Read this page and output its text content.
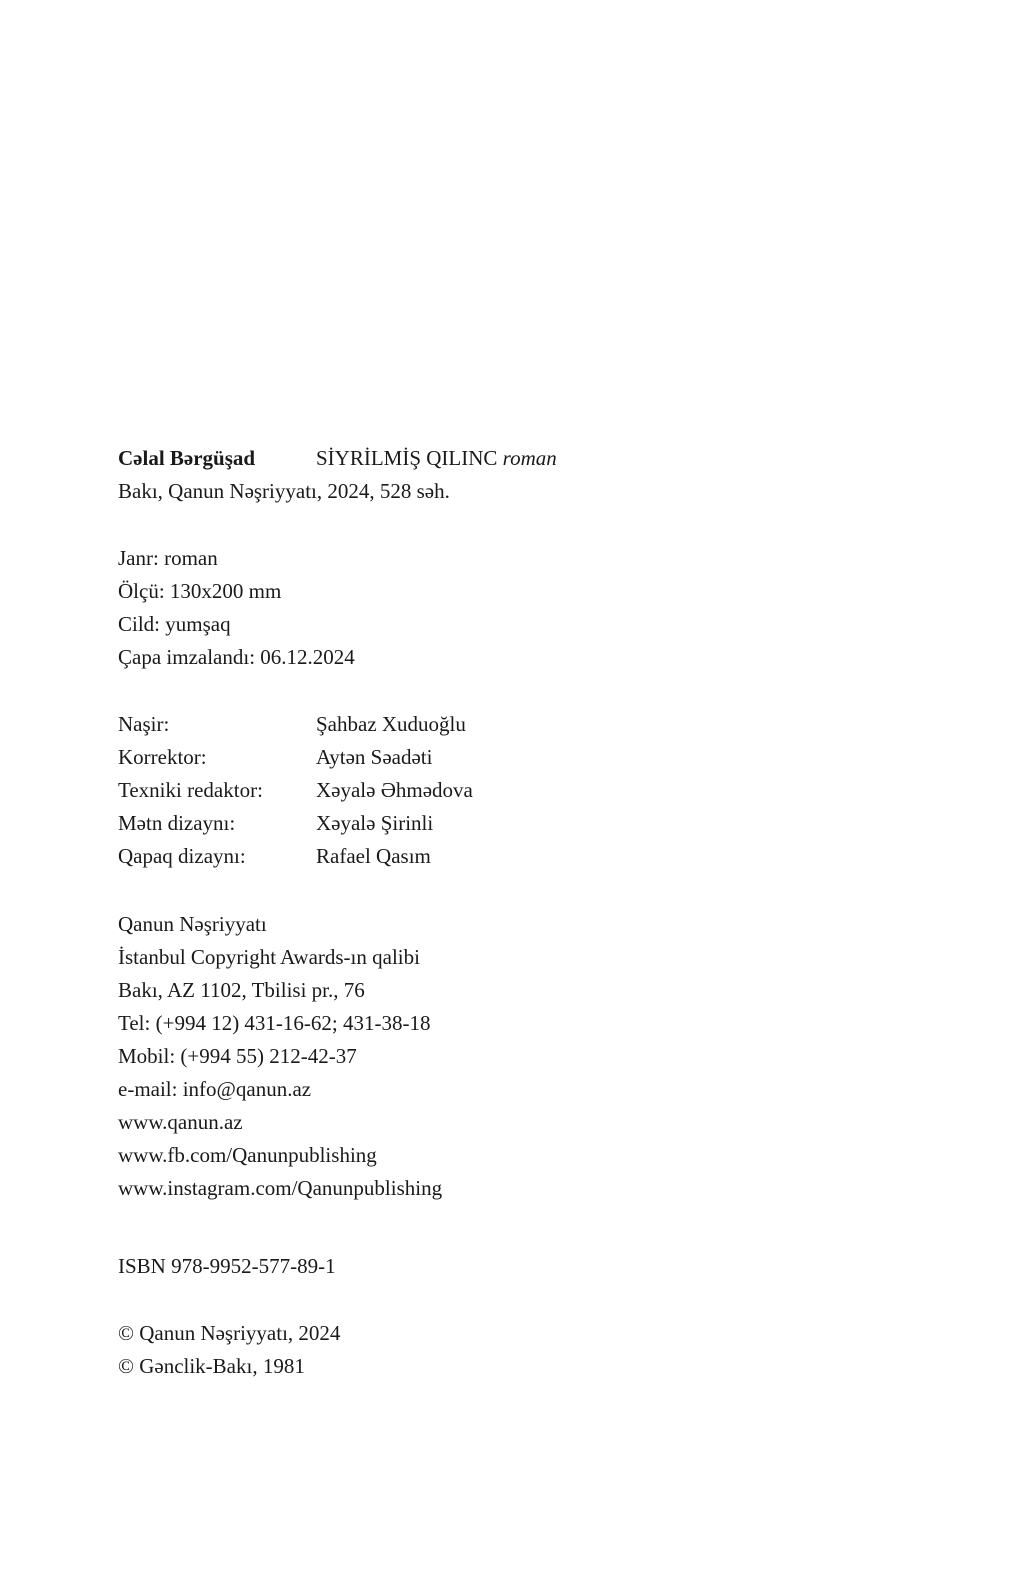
Cəlal Bərgüşad	SİYRİLMİŞ QILINC roman
Bakı, Qanun Nəşriyyatı, 2024, 528 səh.
Janr: roman
Ölçü: 130x200 mm
Cild: yumşaq
Çapa imzalandı: 06.12.2024
Naşir:	Şahbaz Xuduoğlu
Korrektor:	Aytən Səadəti
Texniki redaktor:	Xəyalə Əhmədova
Mətn dizaynı:	Xəyalə Şirinli
Qapaq dizaynı:	Rafael Qasım
Qanun Nəşriyyatı
İstanbul Copyright Awards-ın qalibi
Bakı, AZ 1102, Tbilisi pr., 76
Tel: (+994 12) 431-16-62; 431-38-18
Mobil: (+994 55) 212-42-37
e-mail: info@qanun.az
www.qanun.az
www.fb.com/Qanunpublishing
www.instagram.com/Qanunpublishing
ISBN 978-9952-577-89-1
© Qanun Nəşriyyatı, 2024
© Gənclik-Bakı, 1981
